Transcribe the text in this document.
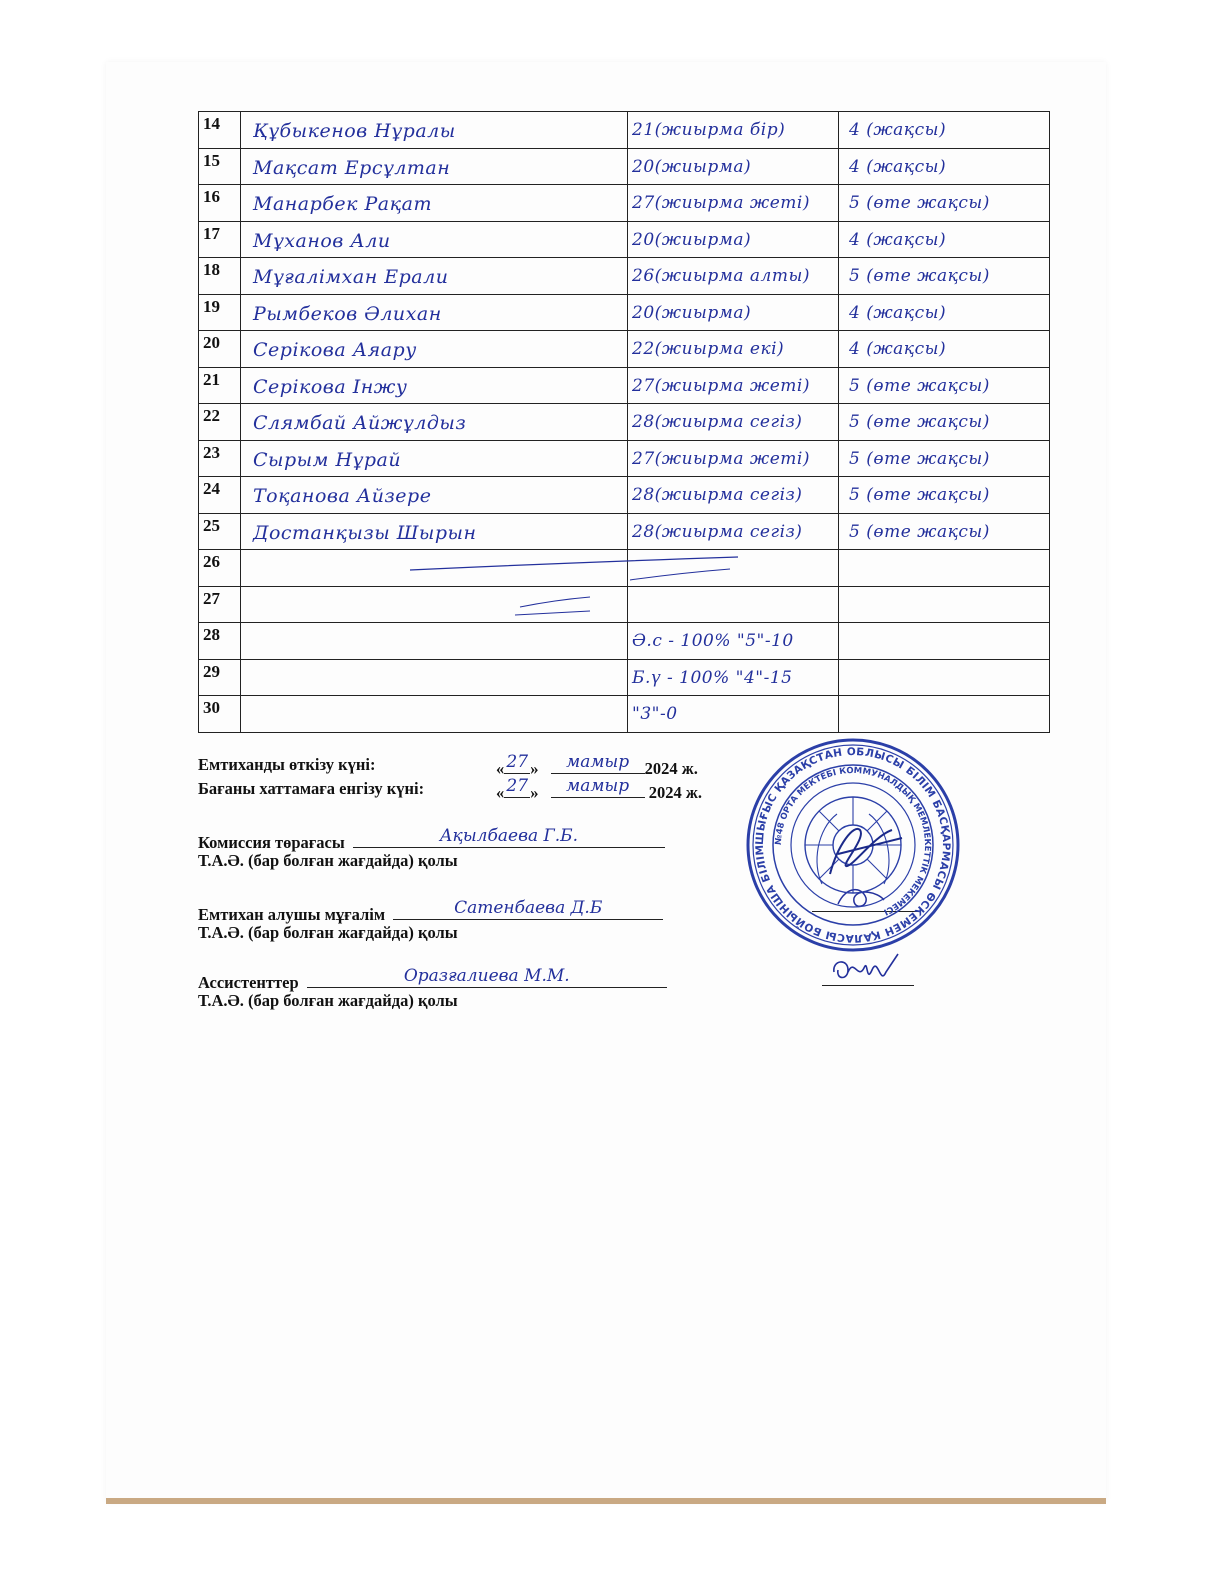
14	Құбыкенов Нұралы	21(жиырма бір)	4 (жақсы)

15	Мақсат Ерсұлтан	20(жиырма)	4 (жақсы)

16	Манарбек Рақат	27(жиырма жеті)	5 (өте жақсы)

17	Мұханов Али	20(жиырма)	4 (жақсы)

18	Мұғалімхан Ерали	26(жиырма алты)	5 (өте жақсы)

19	Рымбеков Әлихан	20(жиырма)	4 (жақсы)

20	Серікова Аяару	22(жиырма екі)	4 (жақсы)

21	Серікова Інжу	27(жиырма жеті)	5 (өте жақсы)

22	Слямбай Айжұлдыз	28(жиырма сегіз)	5 (өте жақсы)

23	Сырым Нұрай	27(жиырма жеті)	5 (өте жақсы)

24	Тоқанова Айзере	28(жиырма сегіз)	5 (өте жақсы)

25	Достанқызы Шырын	28(жиырма сегіз)	5 (өте жақсы)

26	

27	

28		Ә.с - 100% "5"-10	

29		Б.ү - 100% "4"-15	

30		"3"-0	

Емтиханды өткізу күні:	« 27 »	мамыр 2024 ж.
Бағаны хаттамаға енгізу күні:	« 27 »	мамыр	2024 ж.
Комиссия төрағасы	Ақылбаева Г.Б.
Т.А.Ә. (бар болған жағдайда) қолы
Емтихан алушы мұғалім	Сатенбаева Д.Б
Т.А.Ә. (бар болған жағдайда) қолы
Ассистенттер	Оразғалиева М.М.
Т.А.Ә. (бар болған жағдайда) қолы
ШЫҒЫС ҚАЗАҚСТАН ОБЛЫСЫ БІЛІМ БАСҚАРМАСЫ ӨСКЕМЕН ҚАЛАСЫ БОЙЫНША БІЛІМ
№48 ОРТА МЕКТЕБІ КОММУНАЛДЫҚ МЕМЛЕКЕТТІК МЕКЕМЕСІ
